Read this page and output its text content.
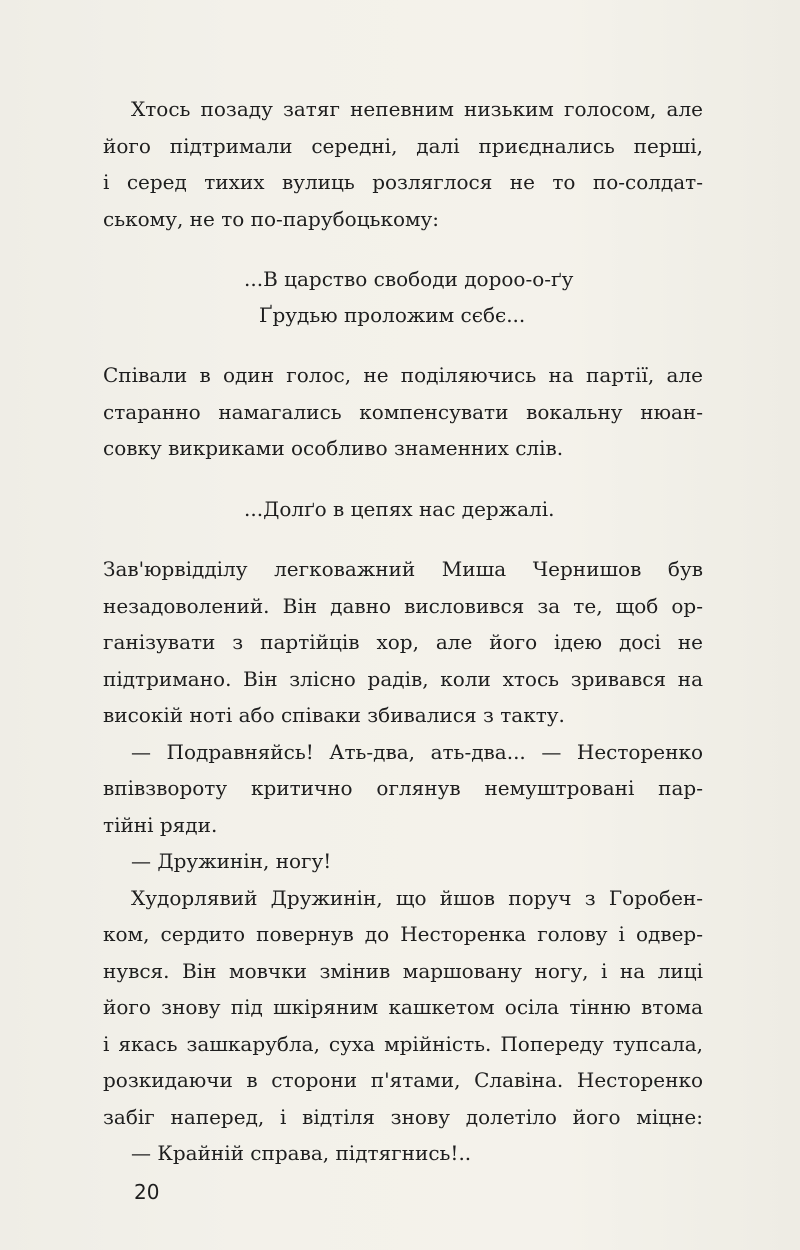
Хтось позаду затяг непевним низьким голосом, але
його підтримали середні, далі приєднались перші,
і серед тихих вулиць розляглося не то по-солдат-
ському, не то по-парубоцькому:
...В царство свободи дороо-о-ґу
Ґрудью проложим сєбє...
Співали в один голос, не поділяючись на партії, але
старанно намагались компенсувати вокальну нюан-
совку викриками особливо знаменних слів.
...Долґо в цепях нас держалі.
Зав'юрвідділу легковажний Миша Чернишов був
незадоволений. Він давно висловився за те, щоб ор-
ганізувати з партійців хор, але його ідею досі не
підтримано. Він злісно радів, коли хтось зривався на
високій ноті або співаки збивалися з такту.
— Подравняйсь! Ать-два, ать-два... — Несторенко
впівзвороту критично оглянув немуштровані пар-
тійні ряди.
— Дружинін, ногу!
Худорлявий Дружинін, що йшов поруч з Горобен-
ком, сердито повернув до Несторенка голову і одвер-
нувся. Він мовчки змінив маршовану ногу, і на лиці
його знову під шкіряним кашкетом осіла тінню втома
і якась зашкарубла, суха мрійність. Попереду тупсала,
розкидаючи в сторони п'ятами, Славіна. Несторенко
забіг наперед, і відтіля знову долетіло його міцне:
— Крайній справа, підтягнись!..
20
